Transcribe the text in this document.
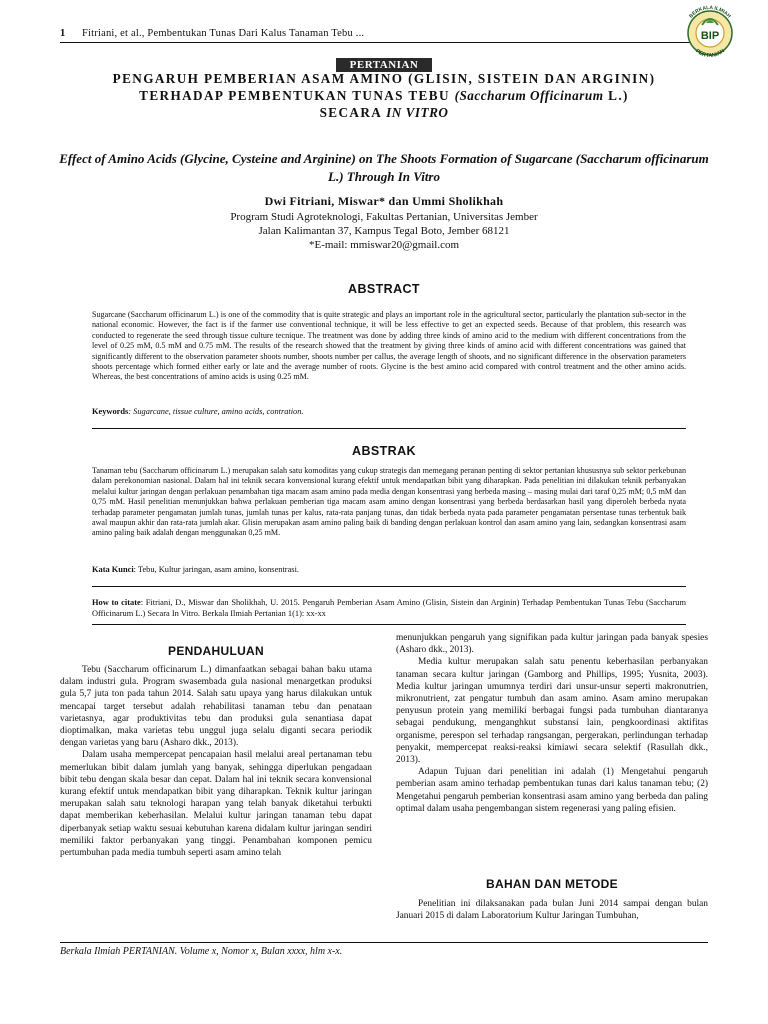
1 Fitriani, et al., Pembentukan Tunas Dari Kalus Tanaman Tebu ...	BIP
BERKALA ILMIAH
PERTANIAN
PERTANIAN
PENGARUH PEMBERIAN ASAM AMINO (GLISIN, SISTEIN DAN ARGININ)
TERHADAP PEMBENTUKAN TUNAS TEBU (Saccharum Officinarum L.)
SECARA IN VITRO
Effect of Amino Acids (Glycine, Cysteine and Arginine) on The Shoots Formation of Sugarcane (Saccharum officinarum L.) Through In Vitro
Dwi Fitriani, Miswar* dan Ummi Sholikhah
Program Studi Agroteknologi, Fakultas Pertanian, Universitas Jember
Jalan Kalimantan 37, Kampus Tegal Boto, Jember 68121
*E-mail: mmiswar20@gmail.com
ABSTRACT
Sugarcane (Saccharum officinarum L.) is one of the commodity that is quite strategic and plays an important role in the agricultural sector, particularly the plantation sub-sector in the national economic. However, the fact is if the farmer use conventional technique, it will be less effective to get an expected seeds. Because of that problem, this research was conducted to regenerate the seed through tissue culture tecnique. The treatment was done by adding three kinds of amino acid to the medium with different concentrations from the level of 0.25 mM, 0.5 mM and 0.75 mM. The results of the research showed that the treatment by giving three kinds of amino acid with different concentrations was gained that significantly different to the observation parameter shoots number, shoots number per callus, the average length of shoots, and no significant difference in the observation parameters shoots percentage which formed either early or late and the average number of roots. Glycine is the best amino acid compared with control treatment and the other amino acids. Whereas, the best concentrations of amino acids is using 0.25 mM.
Keywords: Sugarcane, tissue culture, amino acids, contration.
ABSTRAK
Tanaman tebu (Saccharum officinarum L.) merupakan salah satu komoditas yang cukup strategis dan memegang peranan penting di sektor pertanian khususnya sub sektor perkebunan dalam perekonomian nasional. Dalam hal ini teknik secara konvensional kurang efektif untuk mendapatkan bibit yang diharapkan. Pada penelitian ini dilakukan teknik perbanyakan melalui kultur jaringan dengan perlakuan penambahan tiga macam asam amino pada media dengan konsentrasi yang berbeda masing – masing mulai dari taraf 0,25 mM; 0,5 mM dan 0,75 mM. Hasil penelitian menunjukkan bahwa perlakuan pemberian tiga macam asam amino dengan konsentrasi yang berbeda berdasarkan hasil yang diperoleh berbeda nyata terhadap parameter pengamatan jumlah tunas, jumlah tunas per kalus, rata-rata panjang tunas, dan tidak berbeda nyata pada parameter pengamatan persentase tunas terbentuk baik awal maupun akhir dan rata-rata jumlah akar. Glisin merupakan asam amino paling baik di banding dengan perlakuan kontrol dan asam amino yang lain, sedangkan konsentrasi asam amino paling baik adalah dengan menggunakan 0,25 mM.
Kata Kunci: Tebu, Kultur jaringan, asam amino, konsentrasi.
How to citate: Fitriani, D., Miswar dan Sholikhah, U. 2015. Pengaruh Pemberian Asam Amino (Glisin, Sistein dan Arginin) Terhadap Pembentukan Tunas Tebu (Saccharum Officinarum L.) Secara In Vitro. Berkala Ilmiah Pertanian 1(1): xx-xx
PENDAHULUAN

Tebu (Saccharum officinarum L.) dimanfaatkan sebagai bahan baku utama dalam industri gula. Program swasembada gula nasional menargetkan produksi gula 5,7 juta ton pada tahun 2014. Salah satu upaya yang harus dilakukan untuk mencapai target tersebut adalah rehabilitasi tanaman tebu dan penataan varietasnya, agar produktivitas tebu dan produksi gula senantiasa dapat dioptimalkan, maka varietas tebu unggul juga selalu diganti secara periodik dengan varietas yang baru (Asharo dkk., 2013).

Dalam usaha mempercepat pencapaian hasil melalui areal pertanaman tebu memerlukan bibit dalam jumlah yang banyak, sehingga diperlukan pengadaan bibit tebu dengan skala besar dan cepat. Dalam hal ini teknik secara konvensional kurang efektif untuk mendapatkan bibit yang diharapkan. Teknik kultur jaringan merupakan salah satu teknologi harapan yang telah banyak diketahui terbukti dapat memberikan keberhasilan. Melalui kultur jaringan tanaman tebu dapat diperbanyak setiap waktu sesuai kebutuhan karena didalam kultur jaringan sendiri memiliki faktor perbanyakan yang tinggi. Penambahan komponen pemicu pertumbuhan pada media tumbuh seperti asam amino telah

menunjukkan pengaruh yang signifikan pada kultur jaringan pada banyak spesies (Asharo dkk., 2013).

Media kultur merupakan salah satu penentu keberhasilan perbanyakan tanaman secara kultur jaringan (Gamborg and Phillips, 1995; Yusnita, 2003). Media kultur jaringan umumnya terdiri dari unsur-unsur seperti makronutrien, mikronutrient, zat pengatur tumbuh dan asam amino. Asam amino merupakan penyusun protein yang memiliki berbagai fungsi pada tumbuhan diantaranya sebagai pendukung, menganghkut substansi lain, pengkoordinasi aktifitas organisme, perespon sel terhadap rangsangan, pergerakan, perlindungan terhadap penyakit, mempercepat reaksi-reaksi kimiawi secara selektif (Rasullah dkk., 2013).

Adapun Tujuan dari penelitian ini adalah (1) Mengetahui pengaruh pemberian asam amino terhadap pembentukan tunas dari kalus tanaman tebu; (2) Mengetahui pengaruh pemberian konsentrasi asam amino yang berbeda dan paling optimal dalam usaha pengembangan sistem regenerasi yang paling efisien.

BAHAN DAN METODE

Penelitian ini dilaksanakan pada bulan Juni 2014 sampai dengan bulan Januari 2015 di dalam Laboratorium Kultur Jaringan Tumbuhan,

Berkala Ilmiah PERTANIAN. Volume x, Nomor x, Bulan xxxx, hlm x-x.
